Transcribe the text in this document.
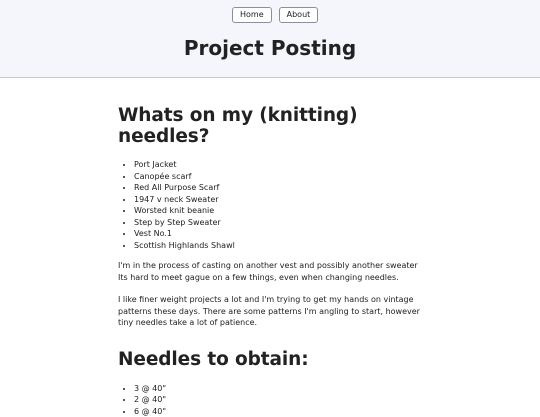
Home	About
Project Posting
Whats on my (knitting) needles?
• Port Jacket
• Canopée scarf
• Red All Purpose Scarf
• 1947 v neck Sweater
• Worsted knit beanie
• Step by Step Sweater
• Vest No.1
• Scottish Highlands Shawl

I'm in the process of casting on another vest and possibly another sweater Its hard to meet gague on a few things, even when changing needles.

I like finer weight projects a lot and I'm trying to get my hands on vintage patterns these days. There are some patterns I'm angling to start, however tiny needles take a lot of patience.

Needles to obtain:
• 3 @ 40"
• 2 @ 40"
• 6 @ 40"
